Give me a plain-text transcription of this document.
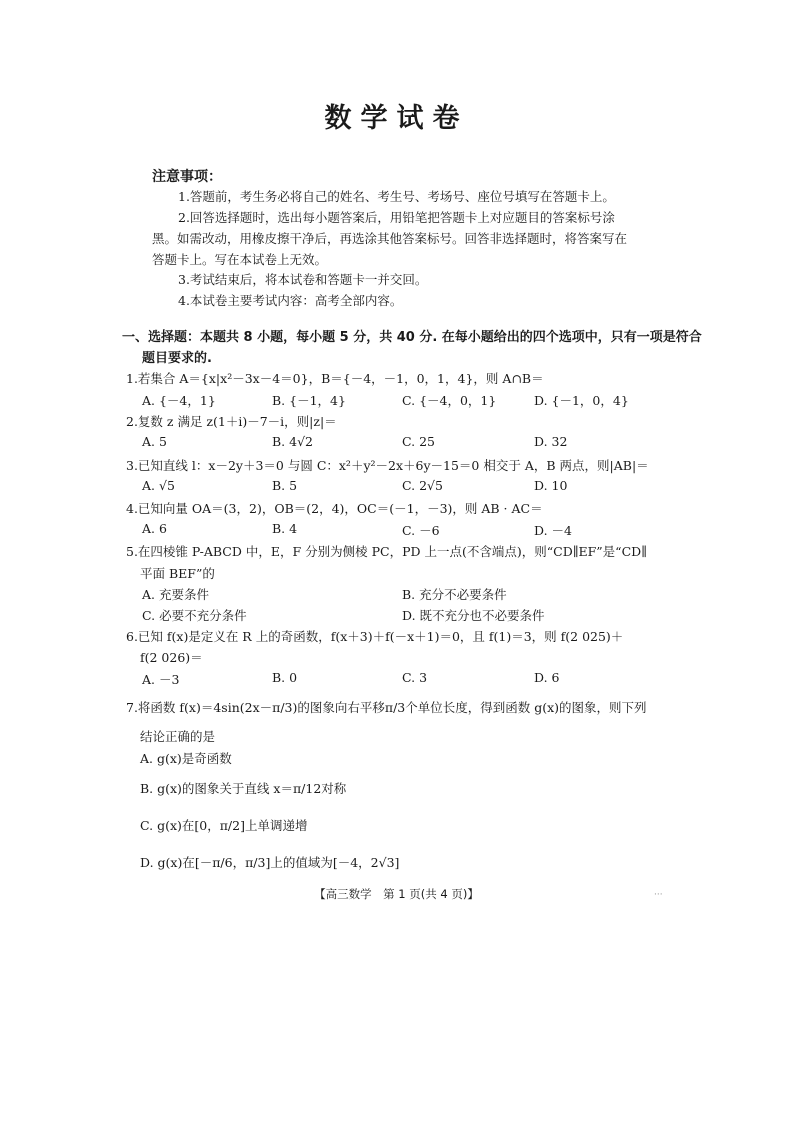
数学试卷
注意事项：
1.答题前，考生务必将自己的姓名、考生号、考场号、座位号填写在答题卡上。
2.回答选择题时，选出每小题答案后，用铅笔把答题卡上对应题目的答案标号涂
黑。如需改动，用橡皮擦干净后，再选涂其他答案标号。回答非选择题时，将答案写在
答题卡上。写在本试卷上无效。
3.考试结束后，将本试卷和答题卡一并交回。
4.本试卷主要考试内容：高考全部内容。
一、选择题：本题共 8 小题，每小题 5 分，共 40 分. 在每小题给出的四个选项中，只有一项是符合
题目要求的.
1.若集合 A＝{x|x²－3x－4＝0}，B＝{－4，－1，0，1，4}，则 A∩B＝
A. {－4，1}	B. {－1，4}	C. {－4，0，1}	D. {－1，0，4}
2.复数 z 满足 z(1＋i)－7－i，则|z|＝
A. 5	B. 4√2	C. 25	D. 32
3.已知直线 l：x－2y＋3＝0 与圆 C：x²＋y²－2x＋6y－15＝0 相交于 A，B 两点，则|AB|＝
A. √5	B. 5	C. 2√5	D. 10
4.已知向量 OA＝(3，2)，OB＝(2，4)，OC＝(－1，－3)，则 AB · AC＝
A. 6	B. 4	C. －6	D. －4
5.在四棱锥 P-ABCD 中，E，F 分别为侧棱 PC，PD 上一点(不含端点)，则“CD∥EF”是“CD∥
平面 BEF”的
A. 充要条件	B. 充分不必要条件
C. 必要不充分条件	D. 既不充分也不必要条件
6.已知 f(x)是定义在 R 上的奇函数，f(x＋3)＋f(－x＋1)＝0，且 f(1)＝3，则 f(2 025)＋
f(2 026)＝
A. －3	B. 0	C. 3	D. 6
7.将函数 f(x)＝4sin(2x－π/3)的图象向右平移π/3个单位长度，得到函数 g(x)的图象，则下列
结论正确的是
A. g(x)是奇函数
B. g(x)的图象关于直线 x＝π/12对称
C. g(x)在[0，π/2]上单调递增
D. g(x)在[－π/6，π/3]上的值域为[－4，2√3]
【高三数学　第 1 页(共 4 页)】	···
